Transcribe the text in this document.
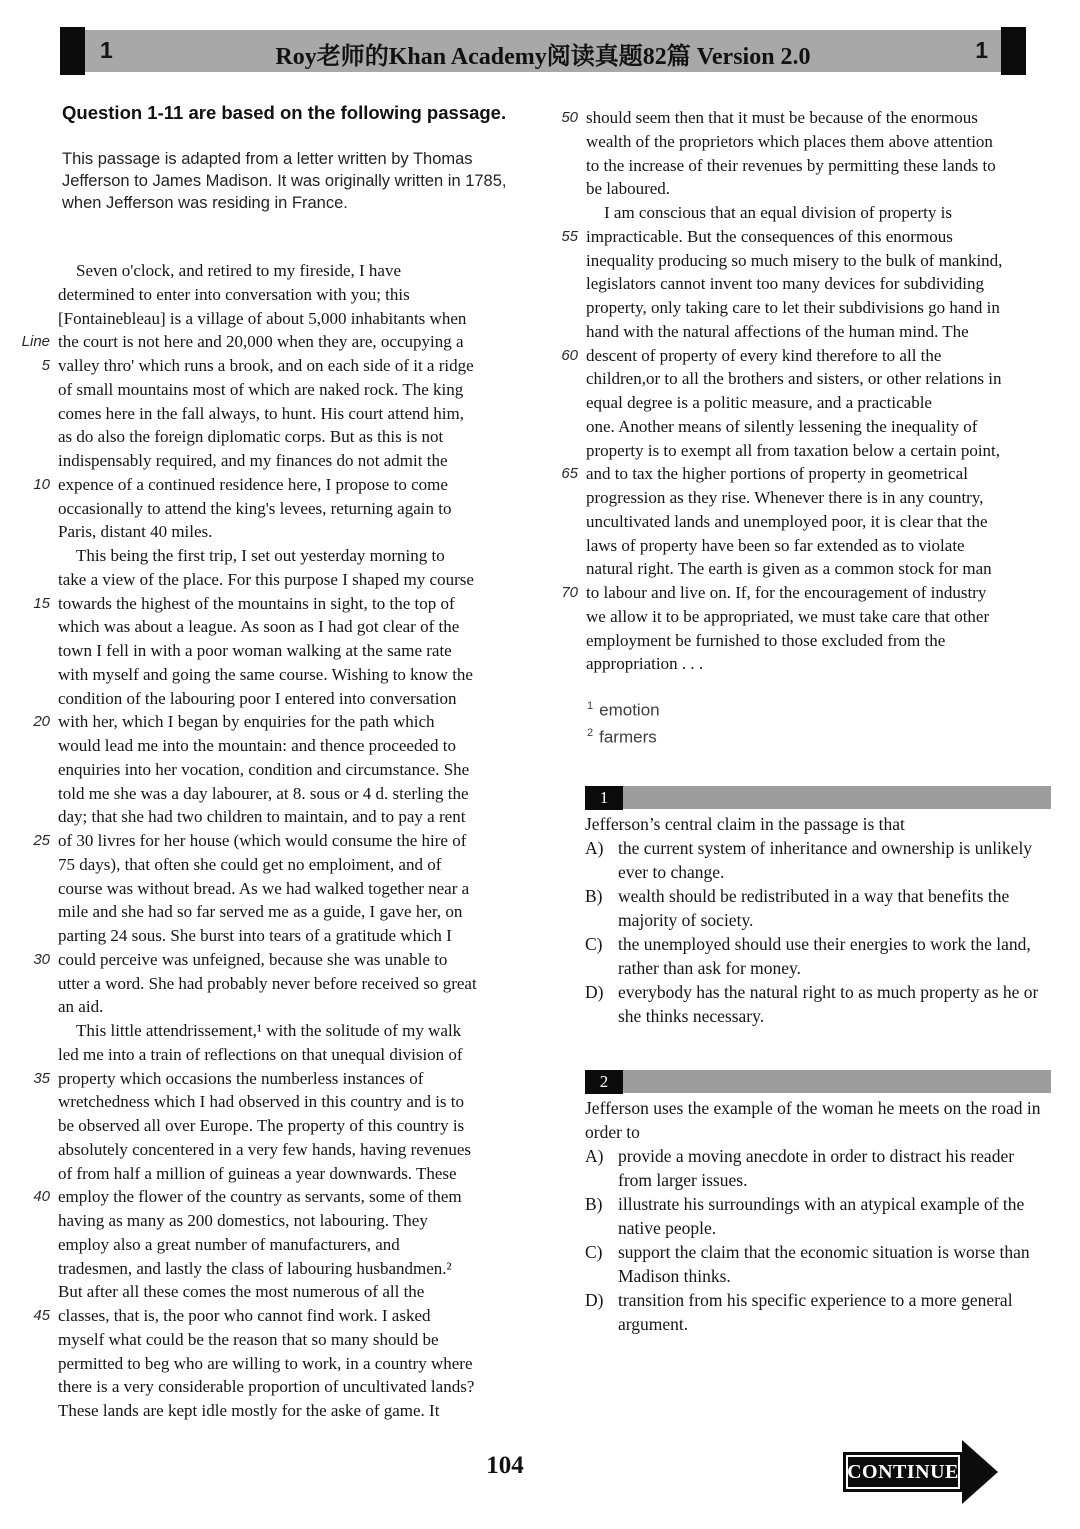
1	Roy老师的Khan Academy阅读真题82篇 Version 2.0	1
Question 1-11 are based on the following passage.
This passage is adapted from a letter written by Thomas
Jefferson to James Madison. It was originally written in 1785,
when Jefferson was residing in France.
Seven o'clock, and retired to my fireside, I have
determined to enter into conversation with you; this
[Fontainebleau] is a village of about 5,000 inhabitants when
Line the court is not here and 20,000 when they are, occupying a
5 valley thro' which runs a brook, and on each side of it a ridge
of small mountains most of which are naked rock. The king
comes here in the fall always, to hunt. His court attend him,
as do also the foreign diplomatic corps. But as this is not
indispensably required, and my finances do not admit the
10 expence of a continued residence here, I propose to come
occasionally to attend the king's levees, returning again to
Paris, distant 40 miles.
This being the first trip, I set out yesterday morning to
take a view of the place. For this purpose I shaped my course
15 towards the highest of the mountains in sight, to the top of
which was about a league. As soon as I had got clear of the
town I fell in with a poor woman walking at the same rate
with myself and going the same course. Wishing to know the
condition of the labouring poor I entered into conversation
20 with her, which I began by enquiries for the path which
would lead me into the mountain: and thence proceeded to
enquiries into her vocation, condition and circumstance. She
told me she was a day labourer, at 8. sous or 4 d. sterling the
day; that she had two children to maintain, and to pay a rent
25 of 30 livres for her house (which would consume the hire of
75 days), that often she could get no emploiment, and of
course was without bread. As we had walked together near a
mile and she had so far served me as a guide, I gave her, on
parting 24 sous. She burst into tears of a gratitude which I
30 could perceive was unfeigned, because she was unable to
utter a word. She had probably never before received so great
an aid.
This little attendrissement,¹ with the solitude of my walk
led me into a train of reflections on that unequal division of
35 property which occasions the numberless instances of
wretchedness which I had observed in this country and is to
be observed all over Europe. The property of this country is
absolutely concentered in a very few hands, having revenues
of from half a million of guineas a year downwards. These
40 employ the flower of the country as servants, some of them
having as many as 200 domestics, not labouring. They
employ also a great number of manufacturers, and
tradesmen, and lastly the class of labouring husbandmen.²
But after all these comes the most numerous of all the
45 classes, that is, the poor who cannot find work. I asked
myself what could be the reason that so many should be
permitted to beg who are willing to work, in a country where
there is a very considerable proportion of uncultivated lands?
These lands are kept idle mostly for the aske of game. It
50 should seem then that it must be because of the enormous
wealth of the proprietors which places them above attention
to the increase of their revenues by permitting these lands to
be laboured.
I am conscious that an equal division of property is
55 impracticable. But the consequences of this enormous
inequality producing so much misery to the bulk of mankind,
legislators cannot invent too many devices for subdividing
property, only taking care to let their subdivisions go hand in
hand with the natural affections of the human mind. The
60 descent of property of every kind therefore to all the
children,or to all the brothers and sisters, or other relations in
equal degree is a politic measure, and a practicable
one. Another means of silently lessening the inequality of
property is to exempt all from taxation below a certain point,
65 and to tax the higher portions of property in geometrical
progression as they rise. Whenever there is in any country,
uncultivated lands and unemployed poor, it is clear that the
laws of property have been so far extended as to violate
natural right. The earth is given as a common stock for man
70 to labour and live on. If, for the encouragement of industry
we allow it to be appropriated, we must take care that other
employment be furnished to those excluded from the
appropriation . . .
$^1$ emotion
$^2$ farmers
1
Jefferson’s central claim in the passage is that
A) the current system of inheritance and ownership is unlikely ever to change.
B) wealth should be redistributed in a way that benefits the majority of society.
C) the unemployed should use their energies to work the land, rather than ask for money.
D) everybody has the natural right to as much property as he or she thinks necessary.
2
Jefferson uses the example of the woman he meets on the road in order to
A) provide a moving anecdote in order to distract his reader from larger issues.
B) illustrate his surroundings with an atypical example of the native people.
C) support the claim that the economic situation is worse than Madison thinks.
D) transition from his specific experience to a more general argument.
104	CONTINUE
